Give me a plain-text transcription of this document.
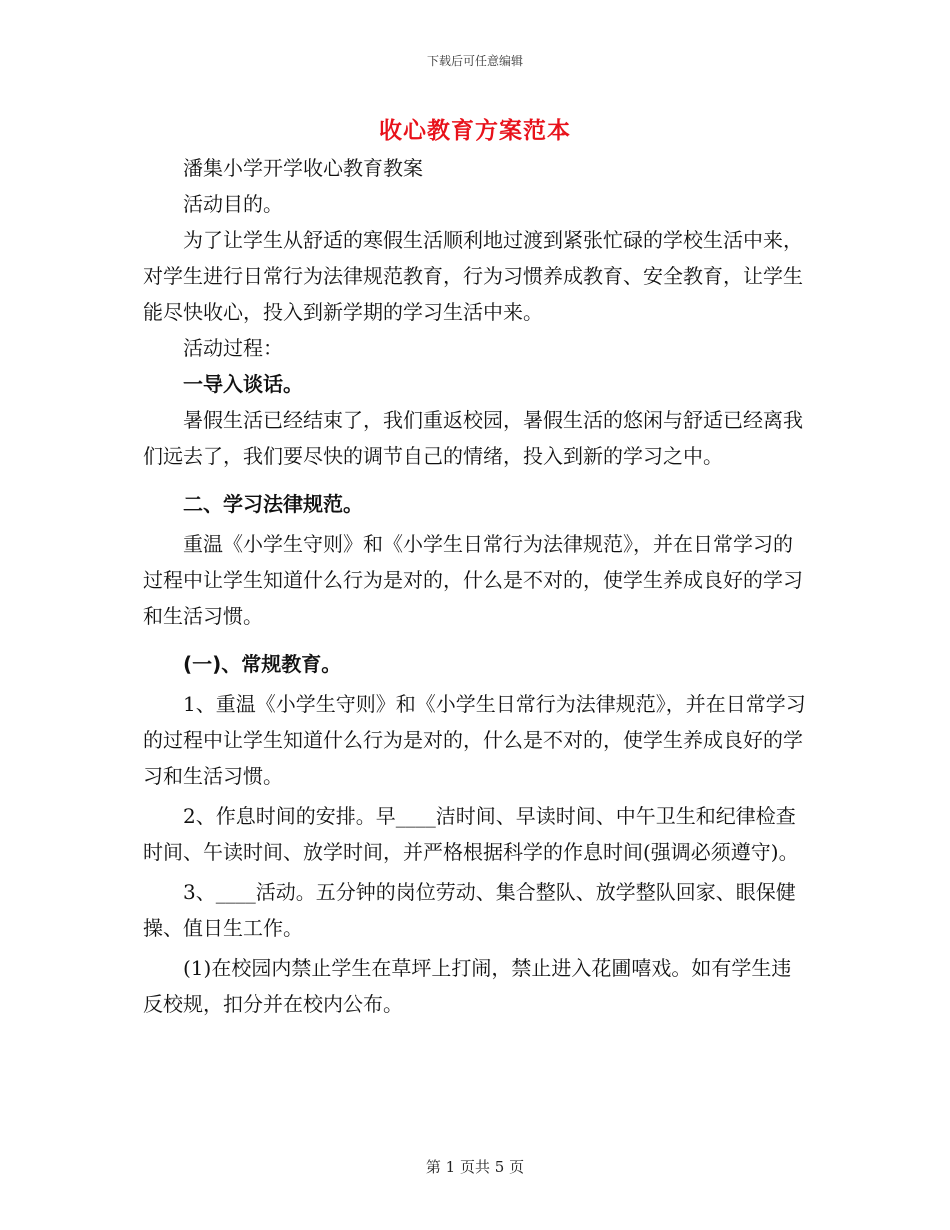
下载后可任意编辑
收心教育方案范本

潘集小学开学收心教育教案

活动目的。

为了让学生从舒适的寒假生活顺利地过渡到紧张忙碌的学校生活中来，对学生进行日常行为法律规范教育，行为习惯养成教育、安全教育，让学生能尽快收心，投入到新学期的学习生活中来。

活动过程：

一导入谈话。

暑假生活已经结束了，我们重返校园，暑假生活的悠闲与舒适已经离我们远去了，我们要尽快的调节自己的情绪，投入到新的学习之中。

二、学习法律规范。

重温《小学生守则》和《小学生日常行为法律规范》，并在日常学习的过程中让学生知道什么行为是对的，什么是不对的，使学生养成良好的学习和生活习惯。

(一)、常规教育。

1、重温《小学生守则》和《小学生日常行为法律规范》，并在日常学习的过程中让学生知道什么行为是对的，什么是不对的，使学生养成良好的学习和生活习惯。

2、作息时间的安排。早____洁时间、早读时间、中午卫生和纪律检查时间、午读时间、放学时间，并严格根据科学的作息时间(强调必须遵守)。

3、____活动。五分钟的岗位劳动、集合整队、放学整队回家、眼保健操、值日生工作。

(1)在校园内禁止学生在草坪上打闹，禁止进入花圃嘻戏。如有学生违反校规，扣分并在校内公布。

第 1 页共 5 页
